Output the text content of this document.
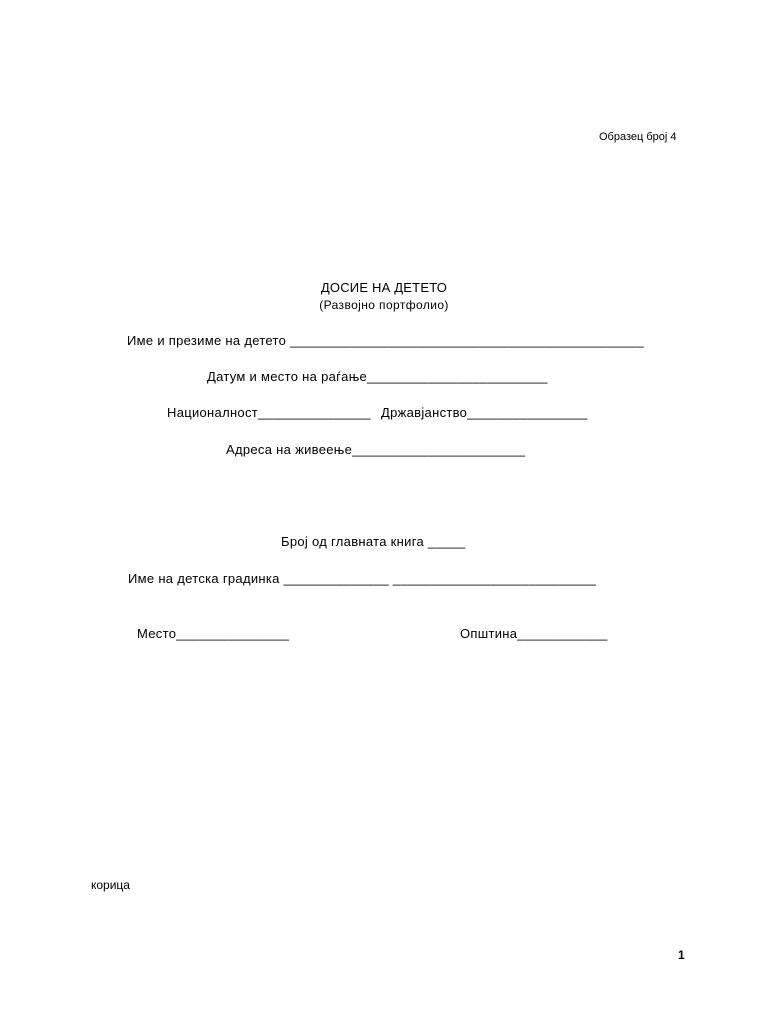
Образец број 4
ДОСИЕ НА ДЕТЕТО
(Развојно портфолио)
Име и презиме на детето _______________________________________________
Датум и место на раѓање________________________
Националност_______________ Државјанство________________
Адреса на живеење_______________________
Број од главната книга _____
Име на детска градинка ______________ ___________________________
Место_______________	Општина____________
корица
1
